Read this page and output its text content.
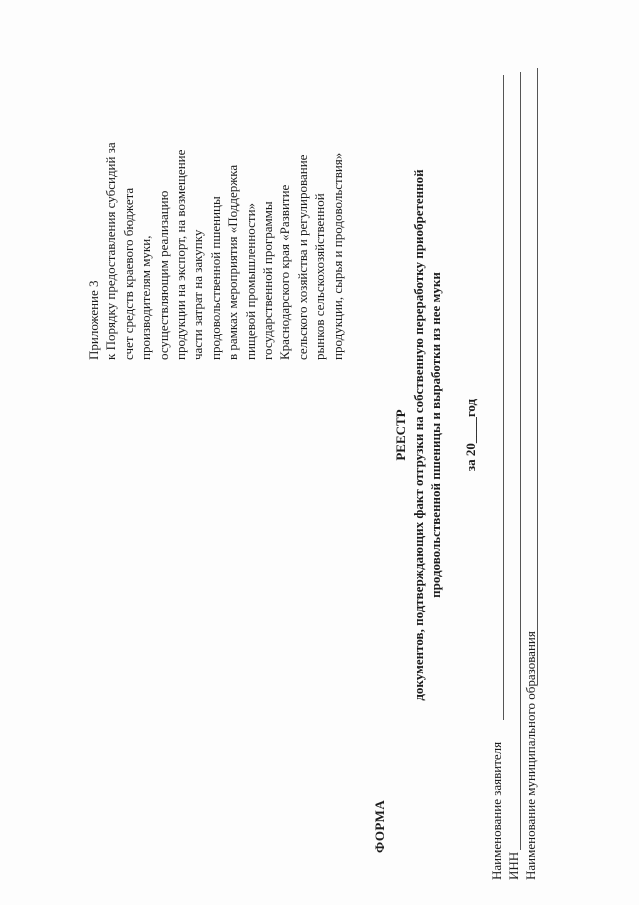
Приложение 3 к Порядку предоставления субсидий за счет средств краевого бюджета производителям муки, осуществляющим реализацию продукции на экспорт, на возмещение части затрат на закупку продовольственной пшеницы в рамках мероприятия «Поддержка пищевой промышленности» государственной программы Краснодарского края «Развитие сельского хозяйства и регулирование рынков сельскохозяйственной продукции, сырья и продовольствия»
ФОРМА
РЕЕСТР документов, подтверждающих факт отгрузки на собственную переработку приобретенной продовольственной пшеницы и выработки из нее муки за 20____год
Наименование заявителя ИНН Наименование муниципального образования
